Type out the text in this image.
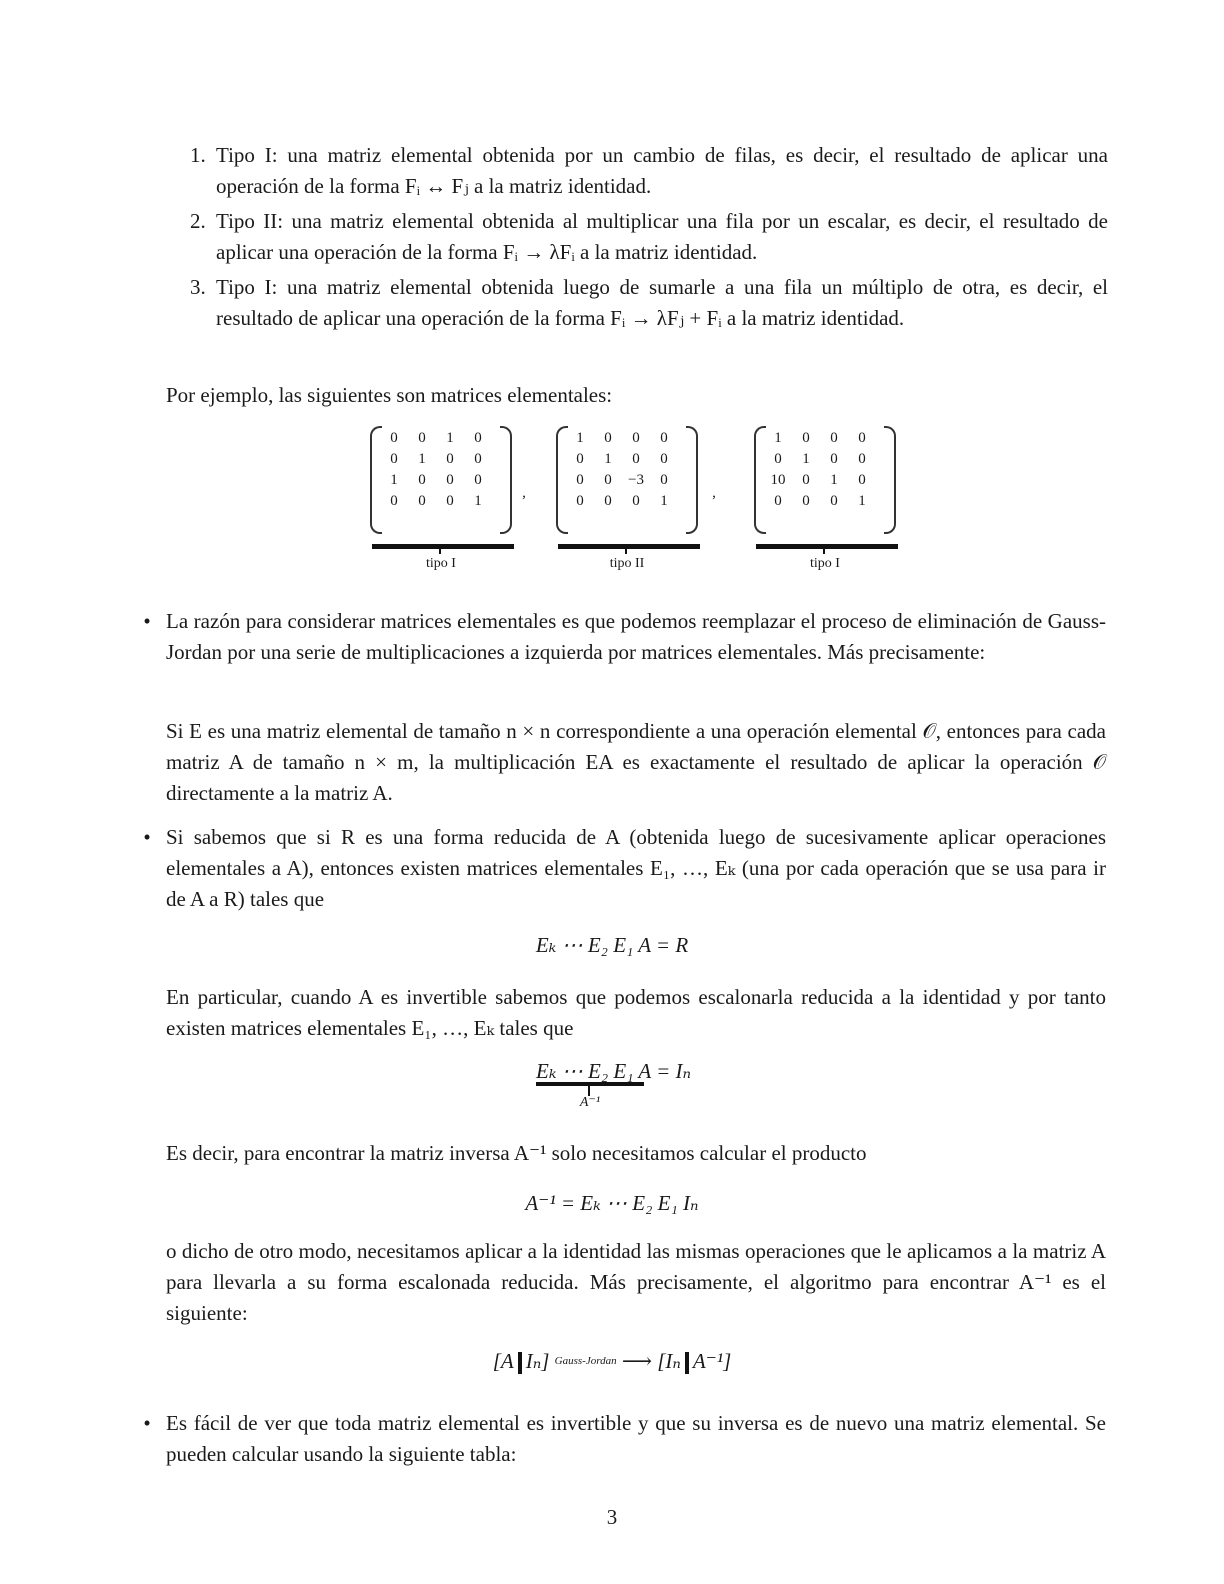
1. Tipo I: una matriz elemental obtenida por un cambio de filas, es decir, el resultado de aplicar una operación de la forma Fᵢ ↔ Fⱼ a la matriz identidad.
2. Tipo II: una matriz elemental obtenida al multiplicar una fila por un escalar, es decir, el resultado de aplicar una operación de la forma Fᵢ → λFᵢ a la matriz identidad.
3. Tipo I: una matriz elemental obtenida luego de sumarle a una fila un múltiplo de otra, es decir, el resultado de aplicar una operación de la forma Fᵢ → λFⱼ + Fᵢ a la matriz identidad.
Por ejemplo, las siguientes son matrices elementales:
0	0	1	0
0	1	0	0
1	0	0	0
0	0	0	1
tipo I
,
1	0	0	0
0	1	0	0
0	0	−3	0
0	0	0	1
tipo II
,
1	0	0	0
0	1	0	0
10	0	1	0
0	0	0	1
tipo I
• La razón para considerar matrices elementales es que podemos reemplazar el proceso de eliminación de Gauss-Jordan por una serie de multiplicaciones a izquierda por matrices elementales. Más precisamente:
Si E es una matriz elemental de tamaño n × n correspondiente a una operación elemental 𝒪, entonces para cada matriz A de tamaño n × m, la multiplicación EA es exactamente el resultado de aplicar la operación 𝒪 directamente a la matriz A.
• Si sabemos que si R es una forma reducida de A (obtenida luego de sucesivamente aplicar operaciones elementales a A), entonces existen matrices elementales E₁, …, Eₖ (una por cada operación que se usa para ir de A a R) tales que
Eₖ ⋯ E₂ E₁ A = R
En particular, cuando A es invertible sabemos que podemos escalonarla reducida a la identidad y por tanto existen matrices elementales E₁, …, Eₖ tales que
Eₖ ⋯ E₂ E₁ A = Iₙ
A⁻¹
Es decir, para encontrar la matriz inversa A⁻¹ solo necesitamos calcular el producto
A⁻¹ = Eₖ ⋯ E₂ E₁ Iₙ
o dicho de otro modo, necesitamos aplicar a la identidad las mismas operaciones que le aplicamos a la matriz A para llevarla a su forma escalonada reducida. Más precisamente, el algoritmo para encontrar A⁻¹ es el siguiente:
[A Iₙ] $^{Gauss-Jordan}$ ⟶ [Iₙ A⁻¹]
• Es fácil de ver que toda matriz elemental es invertible y que su inversa es de nuevo una matriz elemental. Se pueden calcular usando la siguiente tabla:
3
